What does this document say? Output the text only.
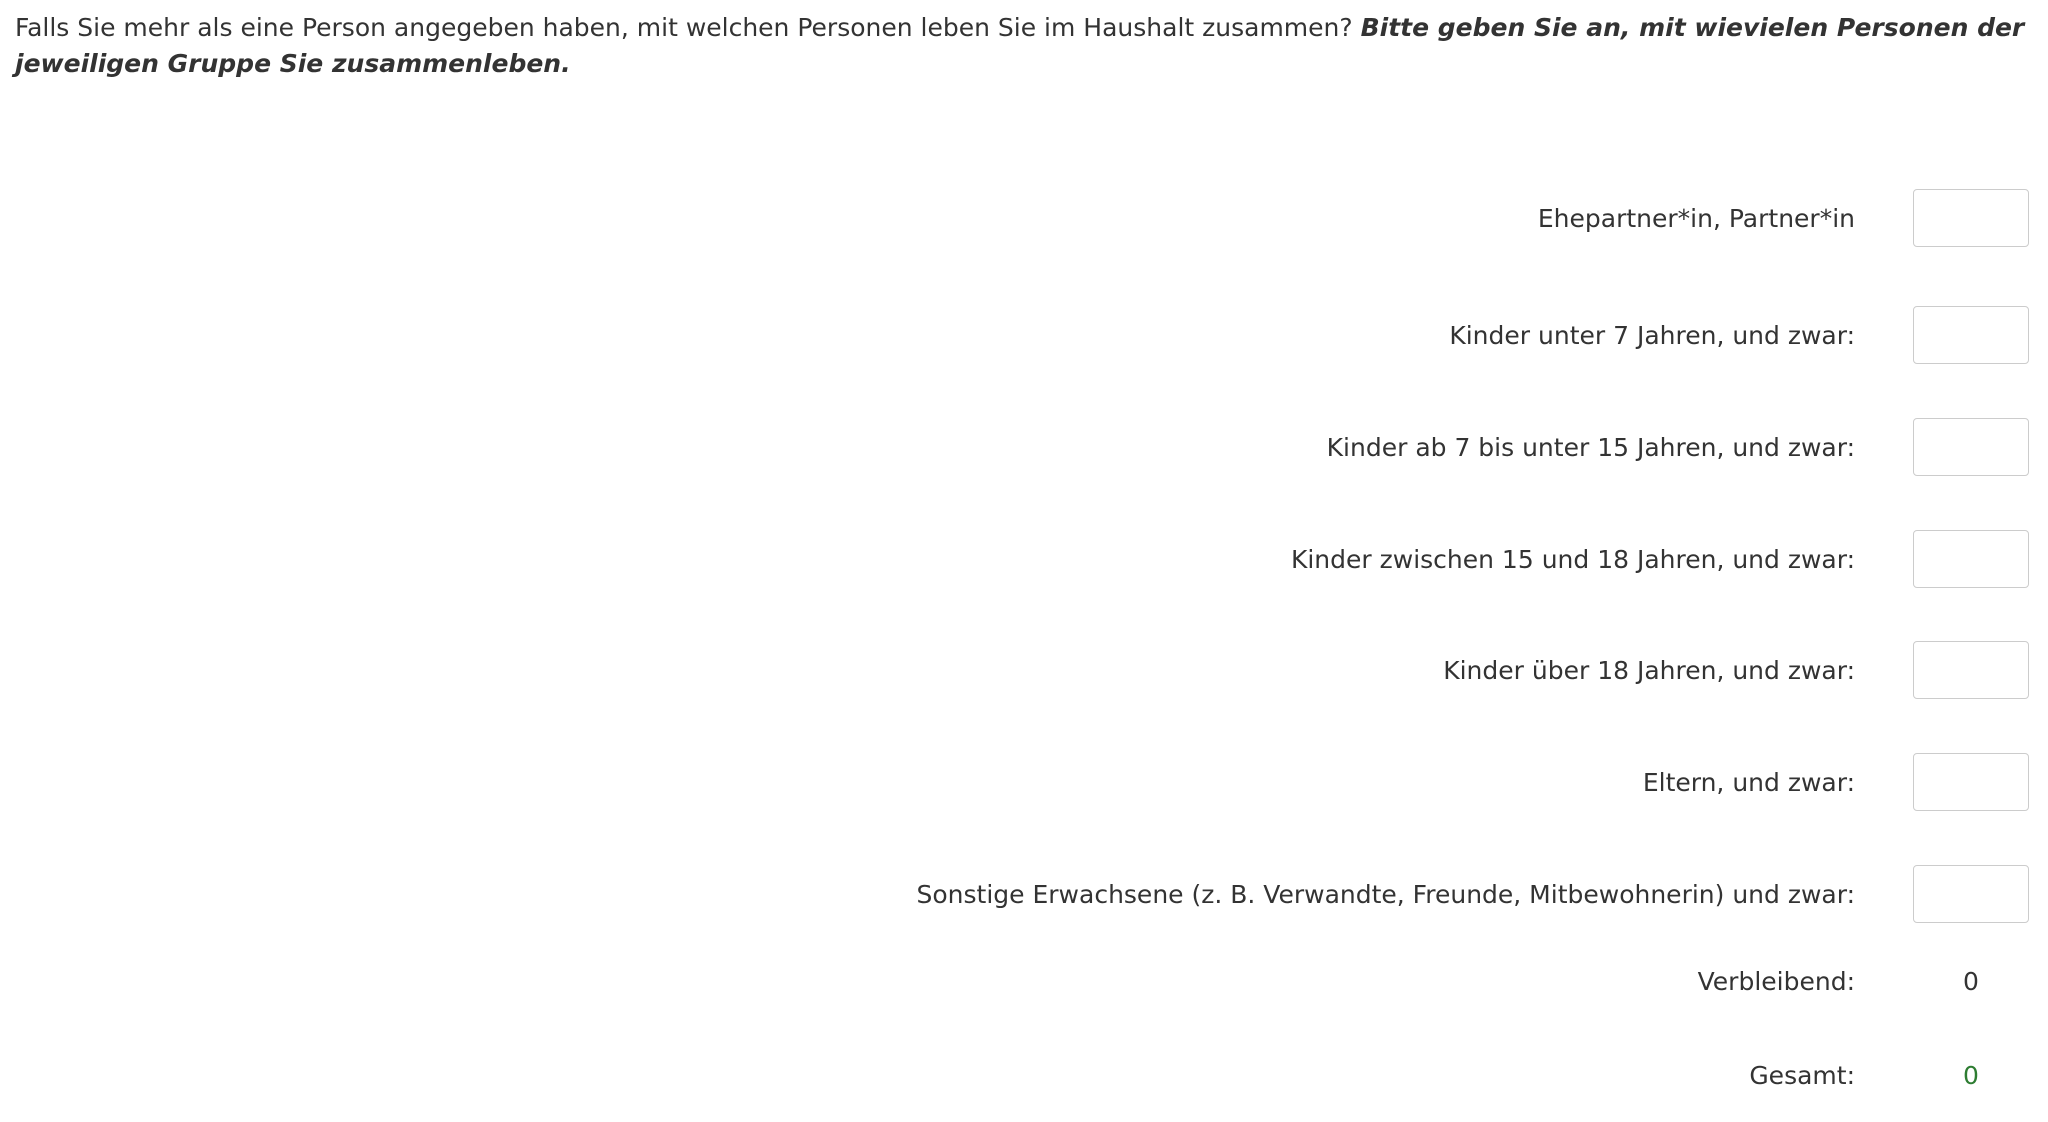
Falls Sie mehr als eine Person angegeben haben, mit welchen Personen leben Sie im Haushalt zusammen? Bitte geben Sie an, mit wievielen Personen der jeweiligen Gruppe Sie zusammenleben.
Ehepartner*in, Partner*in
Kinder unter 7 Jahren, und zwar:
Kinder ab 7 bis unter 15 Jahren, und zwar:
Kinder zwischen 15 und 18 Jahren, und zwar:
Kinder über 18 Jahren, und zwar:
Eltern, und zwar:
Sonstige Erwachsene (z. B. Verwandte, Freunde, Mitbewohnerin) und zwar:
Verbleibend:	0
Gesamt:	0
